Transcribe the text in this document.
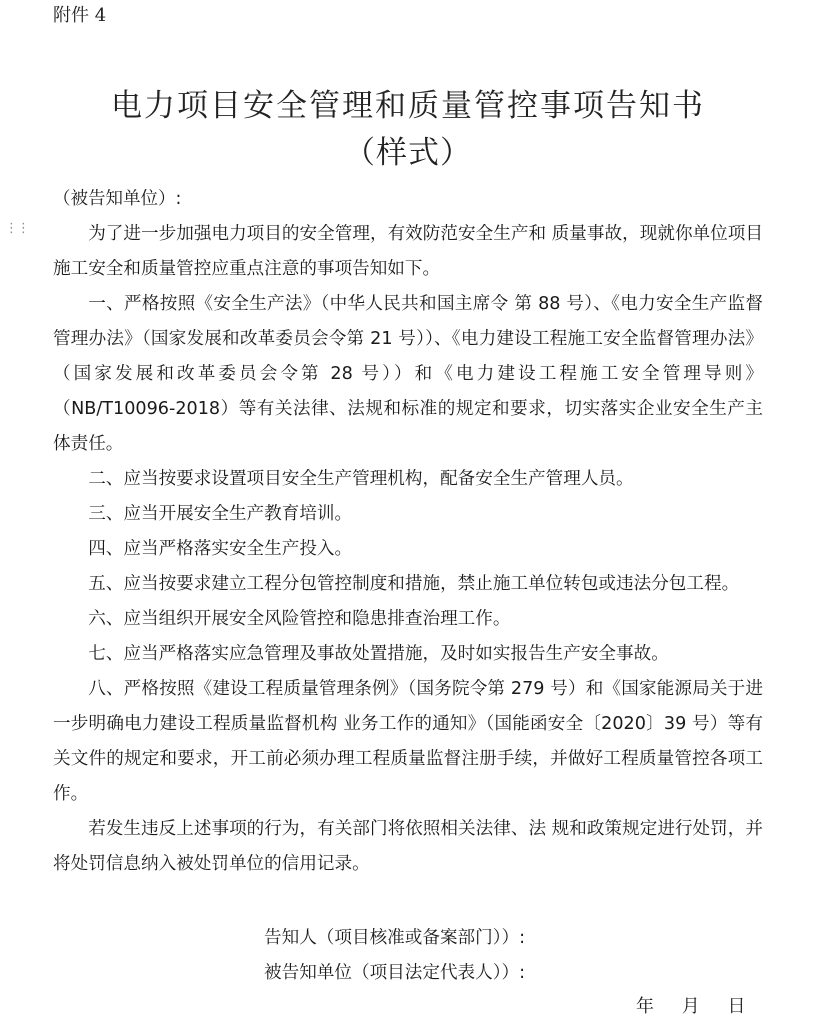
附件 4
电力项目安全管理和质量管控事项告知书
（样式）
（被告知单位）:
⋮⋮	为了进一步加强电力项目的安全管理，有效防范安全生产和 质量事故，现就你单位项目施工安全和质量管控应重点注意的事项告知如下。

一、严格按照《安全生产法》（中华人民共和国主席令 第 88 号）、《电力安全生产监督管理办法》（国家发展和改革委员会令第 21 号））、《电力建设工程施工安全监督管理办法》（国家发展和改革委员会令第 28 号））和《电力建设工程施工安全管理导则》（NB/T10096-2018）等有关法律、法规和标准的规定和要求，切实落实企业安全生产主体责任。

二、应当按要求设置项目安全生产管理机构，配备安全生产管理人员。

三、应当开展安全生产教育培训。

四、应当严格落实安全生产投入。

五、应当按要求建立工程分包管控制度和措施，禁止施工单位转包或违法分包工程。

六、应当组织开展安全风险管控和隐患排查治理工作。

七、应当严格落实应急管理及事故处置措施，及时如实报告生产安全事故。

八、严格按照《建设工程质量管理条例》（国务院令第 279 号）和《国家能源局关于进一步明确电力建设工程质量监督机构 业务工作的通知》（国能函安全〔2020〕39 号）等有关文件的规定和要求，开工前必须办理工程质量监督注册手续，并做好工程质量管控各项工作。

若发生违反上述事项的行为，有关部门将依照相关法律、法 规和政策规定进行处罚，并将处罚信息纳入被处罚单位的信用记录。

告知人（项目核准或备案部门））:
被告知单位（项目法定代表人））:
年 月 日
